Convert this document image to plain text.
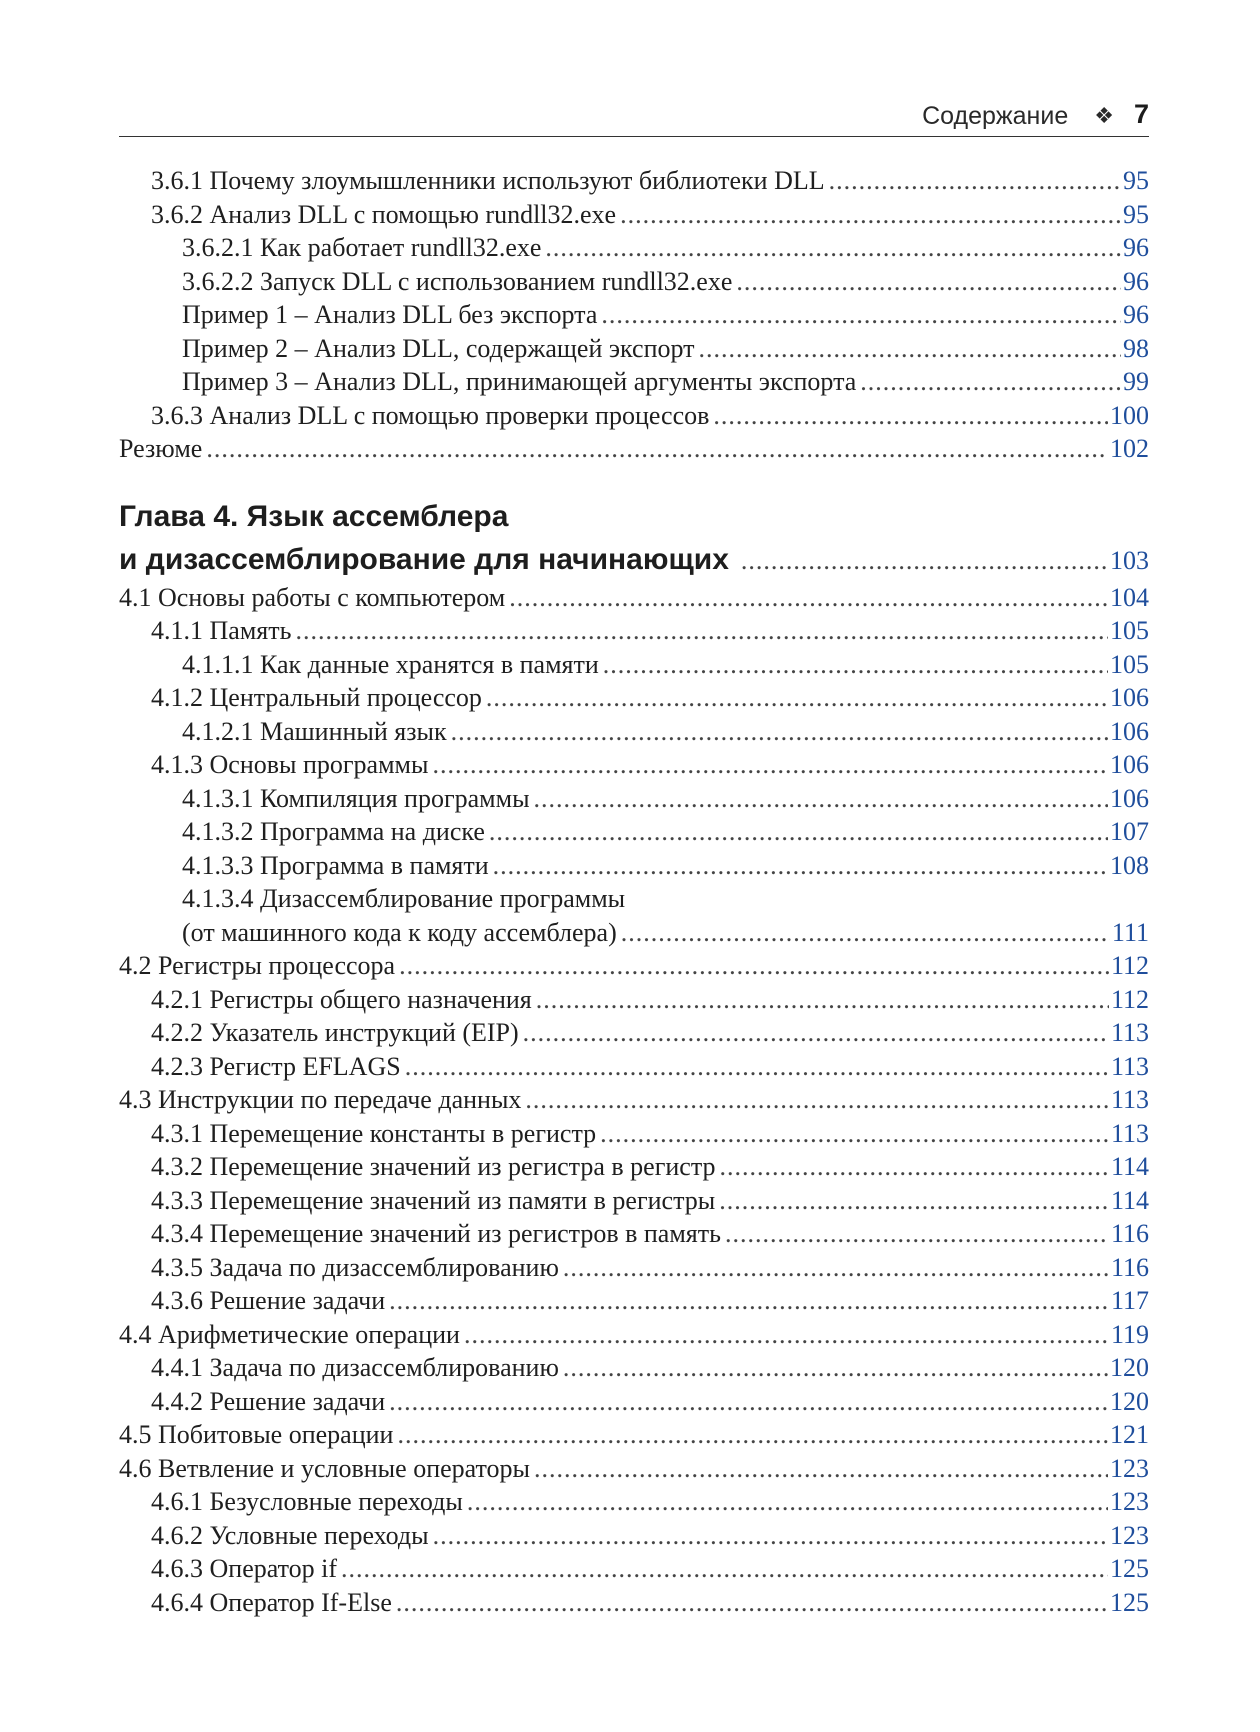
Содержание ❖ 7
3.6.1 Почему злоумышленники используют библиотеки DLL .....	95
3.6.2 Анализ DLL с помощью rundll32.exe .....	95
3.6.2.1 Как работает rundll32.exe .....	96
3.6.2.2 Запуск DLL с использованием rundll32.exe .....	96
Пример 1 – Анализ DLL без экспорта .....	96
Пример 2 – Анализ DLL, содержащей экспорт .....	98
Пример 3 – Анализ DLL, принимающей аргументы экспорта .....	99
3.6.3 Анализ DLL с помощью проверки процессов .....	100
Резюме .....	102
Глава 4. Язык ассемблера
и дизассемблирование для начинающих .....	103
4.1 Основы работы с компьютером .....	104
4.1.1 Память .....	105
4.1.1.1 Как данные хранятся в памяти .....	105
4.1.2 Центральный процессор .....	106
4.1.2.1 Машинный язык .....	106
4.1.3 Основы программы .....	106
4.1.3.1 Компиляция программы .....	106
4.1.3.2 Программа на диске .....	107
4.1.3.3 Программа в памяти .....	108
4.1.3.4 Дизассемблирование программы
(от машинного кода к коду ассемблера) .....	111
4.2 Регистры процессора .....	112
4.2.1 Регистры общего назначения .....	112
4.2.2 Указатель инструкций (EIP) .....	113
4.2.3 Регистр EFLAGS .....	113
4.3 Инструкции по передаче данных .....	113
4.3.1 Перемещение константы в регистр .....	113
4.3.2 Перемещение значений из регистра в регистр .....	114
4.3.3 Перемещение значений из памяти в регистры .....	114
4.3.4 Перемещение значений из регистров в память .....	116
4.3.5 Задача по дизассемблированию .....	116
4.3.6 Решение задачи .....	117
4.4 Арифметические операции .....	119
4.4.1 Задача по дизассемблированию .....	120
4.4.2 Решение задачи .....	120
4.5 Побитовые операции .....	121
4.6 Ветвление и условные операторы .....	123
4.6.1 Безусловные переходы .....	123
4.6.2 Условные переходы .....	123
4.6.3 Оператор if .....	125
4.6.4 Оператор If-Else .....	125
